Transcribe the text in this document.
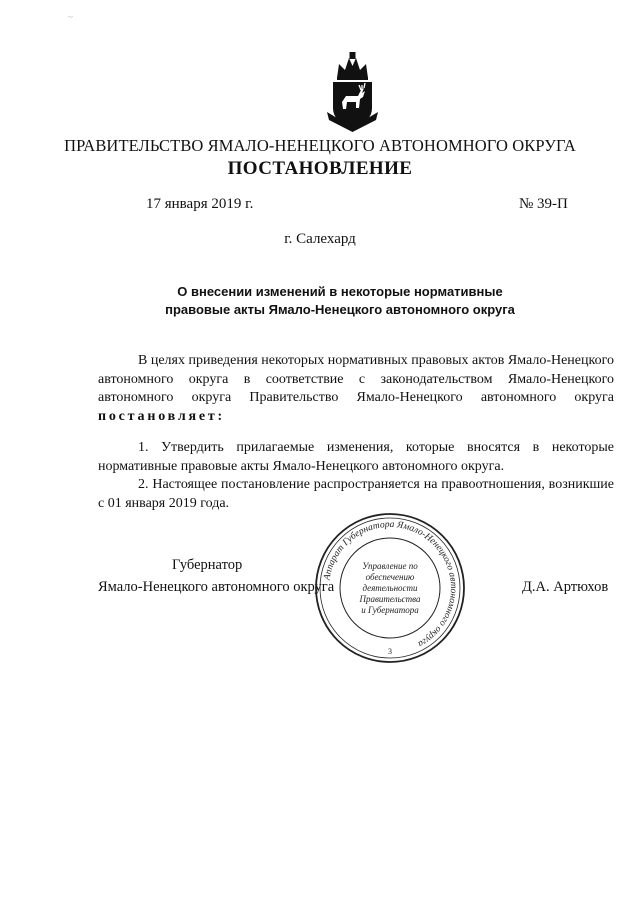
~
ПРАВИТЕЛЬСТВО ЯМАЛО-НЕНЕЦКОГО АВТОНОМНОГО ОКРУГА
ПОСТАНОВЛЕНИЕ
17 января 2019 г.	№ 39-П
г. Салехард
О внесении изменений в некоторые нормативные
правовые акты Ямало-Ненецкого автономного округа
В целях приведения некоторых нормативных правовых актов Ямало-Ненецкого автономного округа в соответствие с законодательством Ямало-Ненецкого автономного округа Правительство Ямало-Ненецкого автономного округа постановляет:
1. Утвердить прилагаемые изменения, которые вносятся в некоторые нормативные правовые акты Ямало-Ненецкого автономного округа.
2. Настоящее постановление распространяется на правоотношения, возникшие с 01 января 2019 года.
Губернатор
Ямало-Ненецкого автономного округа	Д.А. Артюхов
Аппарат Губернатора Ямало-Ненецкого автономного округа
Управление по
обеспечению
деятельности
Правительства
и Губернатора
3
